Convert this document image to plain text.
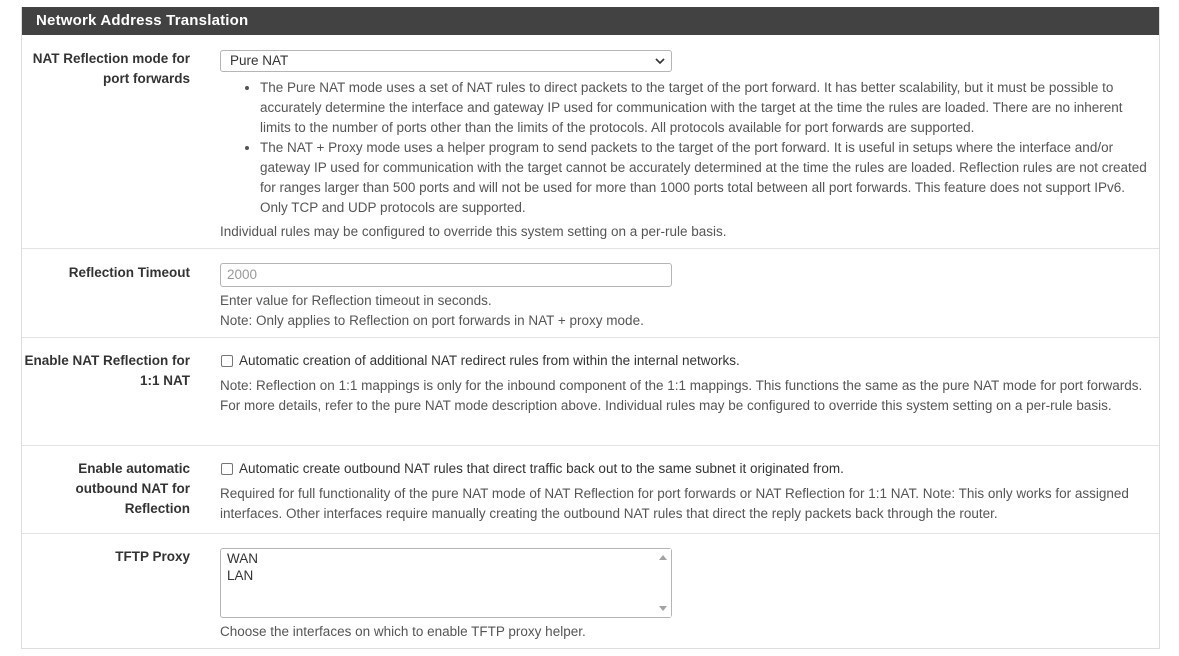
Network Address Translation
NAT Reflection mode for
port forwards
Pure NAT
• The Pure NAT mode uses a set of NAT rules to direct packets to the target of the port forward. It has better scalability, but it must be possible to accurately determine the interface and gateway IP used for communication with the target at the time the rules are loaded. There are no inherent limits to the number of ports other than the limits of the protocols. All protocols available for port forwards are supported.
• The NAT + Proxy mode uses a helper program to send packets to the target of the port forward. It is useful in setups where the interface and/or gateway IP used for communication with the target cannot be accurately determined at the time the rules are loaded. Reflection rules are not created for ranges larger than 500 ports and will not be used for more than 1000 ports total between all port forwards. This feature does not support IPv6. Only TCP and UDP protocols are supported.
Individual rules may be configured to override this system setting on a per-rule basis.
Reflection Timeout	2000
Enter value for Reflection timeout in seconds.
Note: Only applies to Reflection on port forwards in NAT + proxy mode.
Enable NAT Reflection for
1:1 NAT
Automatic creation of additional NAT redirect rules from within the internal networks.
Note: Reflection on 1:1 mappings is only for the inbound component of the 1:1 mappings. This functions the same as the pure NAT mode for port forwards. For more details, refer to the pure NAT mode description above. Individual rules may be configured to override this system setting on a per-rule basis.
Enable automatic
outbound NAT for
Reflection
Automatic create outbound NAT rules that direct traffic back out to the same subnet it originated from.
Required for full functionality of the pure NAT mode of NAT Reflection for port forwards or NAT Reflection for 1:1 NAT. Note: This only works for assigned interfaces. Other interfaces require manually creating the outbound NAT rules that direct the reply packets back through the router.
TFTP Proxy	WAN
LAN
Choose the interfaces on which to enable TFTP proxy helper.
